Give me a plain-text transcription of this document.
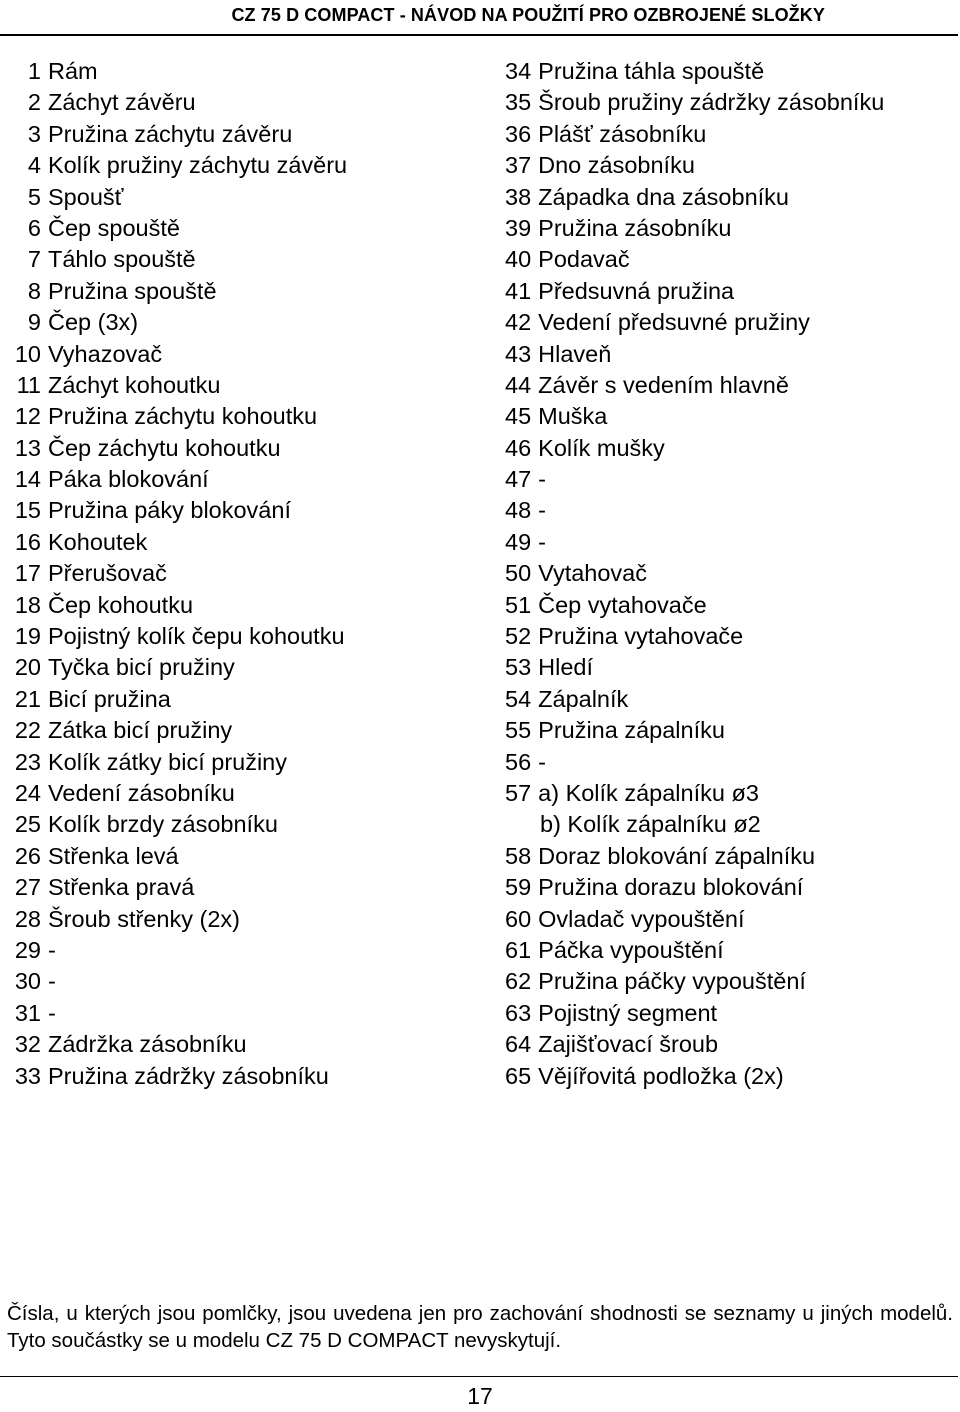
CZ 75 D COMPACT - NÁVOD NA POUŽITÍ PRO OZBROJENÉ SLOŽKY
1 Rám
2 Záchyt závěru
3 Pružina záchytu závěru
4 Kolík pružiny záchytu závěru
5 Spoušť
6 Čep spouště
7 Táhlo spouště
8 Pružina spouště
9 Čep (3x)
10 Vyhazovač
11 Záchyt kohoutku
12 Pružina záchytu kohoutku
13 Čep záchytu kohoutku
14 Páka blokování
15 Pružina páky blokování
16 Kohoutek
17 Přerušovač
18 Čep kohoutku
19 Pojistný kolík čepu kohoutku
20 Tyčka bicí pružiny
21 Bicí pružina
22 Zátka bicí pružiny
23 Kolík zátky bicí pružiny
24 Vedení zásobníku
25 Kolík brzdy zásobníku
26 Střenka levá
27 Střenka pravá
28 Šroub střenky (2x)
29 -
30 -
31 -
32 Zádržka zásobníku
33 Pružina zádržky zásobníku
34 Pružina táhla spouště
35 Šroub pružiny zádržky zásobníku
36 Plášť zásobníku
37 Dno zásobníku
38 Západka dna zásobníku
39 Pružina zásobníku
40 Podavač
41 Předsuvná pružina
42 Vedení předsuvné pružiny
43 Hlaveň
44 Závěr s vedením hlavně
45 Muška
46 Kolík mušky
47 -
48 -
49 -
50 Vytahovač
51 Čep vytahovače
52 Pružina vytahovače
53 Hledí
54 Zápalník
55 Pružina zápalníku
56 -
57 a) Kolík zápalníku ø3
b) Kolík zápalníku ø2
58 Doraz blokování zápalníku
59 Pružina dorazu blokování
60 Ovladač vypouštění
61 Páčka vypouštění
62 Pružina páčky vypouštění
63 Pojistný segment
64 Zajišťovací šroub
65 Vějířovitá podložka (2x)
Čísla, u kterých jsou pomlčky, jsou uvedena jen pro zachování shodnosti se seznamy u jiných modelů. Tyto součástky se u modelu CZ 75 D COMPACT nevyskytují.
17
